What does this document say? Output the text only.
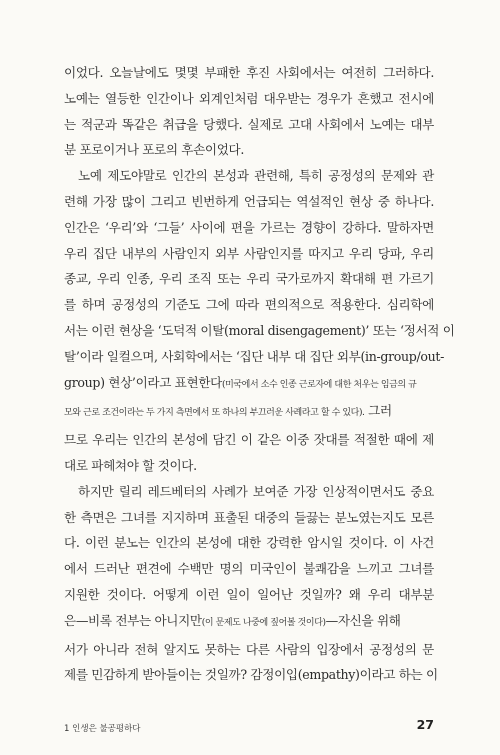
이었다. 오늘날에도 몇몇 부패한 후진 사회에서는 여전히 그러하다.
노예는 열등한 인간이나 외계인처럼 대우받는 경우가 흔했고 전시에
는 적군과 똑같은 취급을 당했다. 실제로 고대 사회에서 노예는 대부
분 포로이거나 포로의 후손이었다.
노예 제도야말로 인간의 본성과 관련해, 특히 공정성의 문제와 관
련해 가장 많이 그리고 빈번하게 언급되는 역설적인 현상 중 하나다.
인간은 ‘우리’와 ‘그들’ 사이에 편을 가르는 경향이 강하다. 말하자면
우리 집단 내부의 사람인지 외부 사람인지를 따지고 우리 당파, 우리
종교, 우리 인종, 우리 조직 또는 우리 국가로까지 확대해 편 가르기
를 하며 공정성의 기준도 그에 따라 편의적으로 적용한다. 심리학에
서는 이런 현상을 ‘도덕적 이탈(moral disengagement)’ 또는 ‘정서적 이
탈’이라 일컬으며, 사회학에서는 ‘집단 내부 대 집단 외부(in-group/out-
group) 현상’이라고 표현한다(미국에서 소수 인종 근로자에 대한 처우는 임금의 규
모와 근로 조건이라는 두 가지 측면에서 또 하나의 부끄러운 사례라고 할 수 있다). 그러
므로 우리는 인간의 본성에 담긴 이 같은 이중 잣대를 적절한 때에 제
대로 파헤쳐야 할 것이다.
하지만 릴리 레드베터의 사례가 보여준 가장 인상적이면서도 중요
한 측면은 그녀를 지지하며 표출된 대중의 들끓는 분노였는지도 모른
다. 이런 분노는 인간의 본성에 대한 강력한 암시일 것이다. 이 사건
에서 드러난 편견에 수백만 명의 미국인이 불쾌감을 느끼고 그녀를
지원한 것이다. 어떻게 이런 일이 일어난 것일까? 왜 우리 대부분
은—비록 전부는 아니지만(이 문제도 나중에 짚어볼 것이다)—자신을 위해
서가 아니라 전혀 알지도 못하는 다른 사람의 입장에서 공정성의 문
제를 민감하게 받아들이는 것일까? 감정이입(empathy)이라고 하는 이
1 인생은 불공평하다	27
